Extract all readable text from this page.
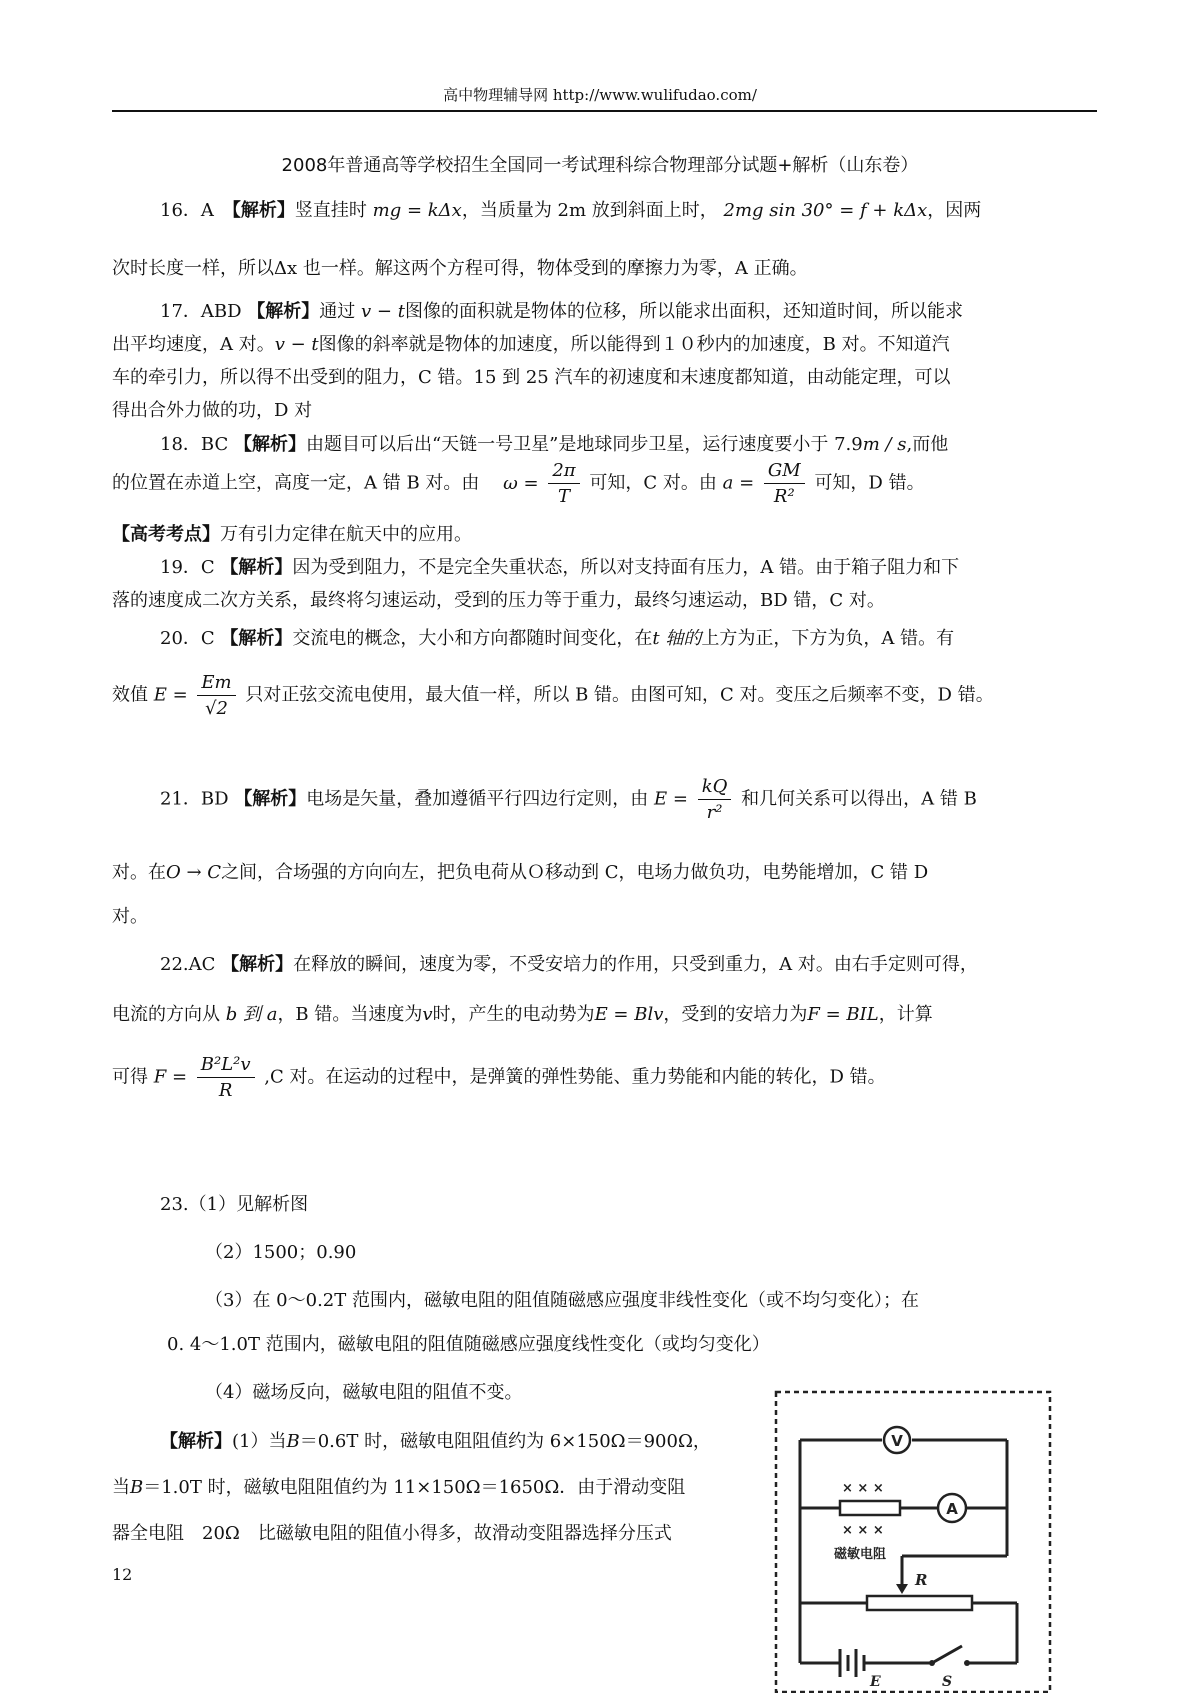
高中物理辅导网 http://www.wulifudao.com/
2008年普通高等学校招生全国同一考试理科综合物理部分试题+解析（山东卷）
16．A　【解析】竖直挂时 mg = kΔx，当质量为 2m 放到斜面上时， 2mg sin 30° = f + kΔx，因两
次时长度一样，所以Δx 也一样。解这两个方程可得，物体受到的摩擦力为零，A 正确。
17．ABD 【解析】通过 v − t图像的面积就是物体的位移，所以能求出面积，还知道时间，所以能求
出平均速度，A 对。v − t图像的斜率就是物体的加速度，所以能得到１０秒内的加速度，B 对。不知道汽
车的牵引力，所以得不出受到的阻力，C 错。15 到 25 汽车的初速度和末速度都知道，由动能定理，可以
得出合外力做的功，D 对
18．BC 【解析】由题目可以后出“天链一号卫星”是地球同步卫星，运行速度要小于 7.9m / s,而他
的位置在赤道上空，高度一定，A 错 B 对。由 $\omega = \frac{2\pi}{T}$ 可知，C 对。由 $a = \frac{GM}{\text{R²}}$ 可知，D 错。
【高考考点】万有引力定律在航天中的应用。
19．C 【解析】因为受到阻力，不是完全失重状态，所以对支持面有压力，A 错。由于箱子阻力和下
落的速度成二次方关系，最终将匀速运动，受到的压力等于重力，最终匀速运动，BD 错，C 对。
20．C 【解析】交流电的概念，大小和方向都随时间变化，在t 轴的上方为正，下方为负，A 错。有
效值 $E = \frac{Em}{√2}$ 只对正弦交流电使用，最大值一样，所以 B 错。由图可知，C 对。变压之后频率不变，D 错。
21．BD 【解析】电场是矢量，叠加遵循平行四边行定则，由 $E = \frac{kQ}{\text{r²}}$ 和几何关系可以得出，A 错 B
对。在O → C之间，合场强的方向向左，把负电荷从Ｏ移动到 C，电场力做负功，电势能增加，C 错 D
对。
22.AC 【解析】在释放的瞬间，速度为零，不受安培力的作用，只受到重力，A 对。由右手定则可得，
电流的方向从 b 到 a，B 错。当速度为v时，产生的电动势为E = Blv，受到的安培力为F = BIL，计算
可得 $F = \frac{\text{B²L²v}}{R} ,C$ 对。在运动的过程中，是弹簧的弹性势能、重力势能和内能的转化，D 错。
23.（1）见解析图
（2）1500；0.90
（3）在 0～0.2T 范围内，磁敏电阻的阻值随磁感应强度非线性变化（或不均匀变化）；在
0. 4～1.0T 范围内，磁敏电阻的阻值随磁感应强度线性变化（或均匀变化）
（4）磁场反向，磁敏电阻的阻值不变。
【解析】(1）当B＝0.6T 时，磁敏电阻阻值约为 6×150Ω＝900Ω，
当B＝1.0T 时，磁敏电阻阻值约为 11×150Ω＝1650Ω．由于滑动变阻
器全电阻　20Ω　比磁敏电阻的阻值小得多，故滑动变阻器选择分压式
12
V
A
× × ×
× × ×
磁敏电阻
R
E	S
